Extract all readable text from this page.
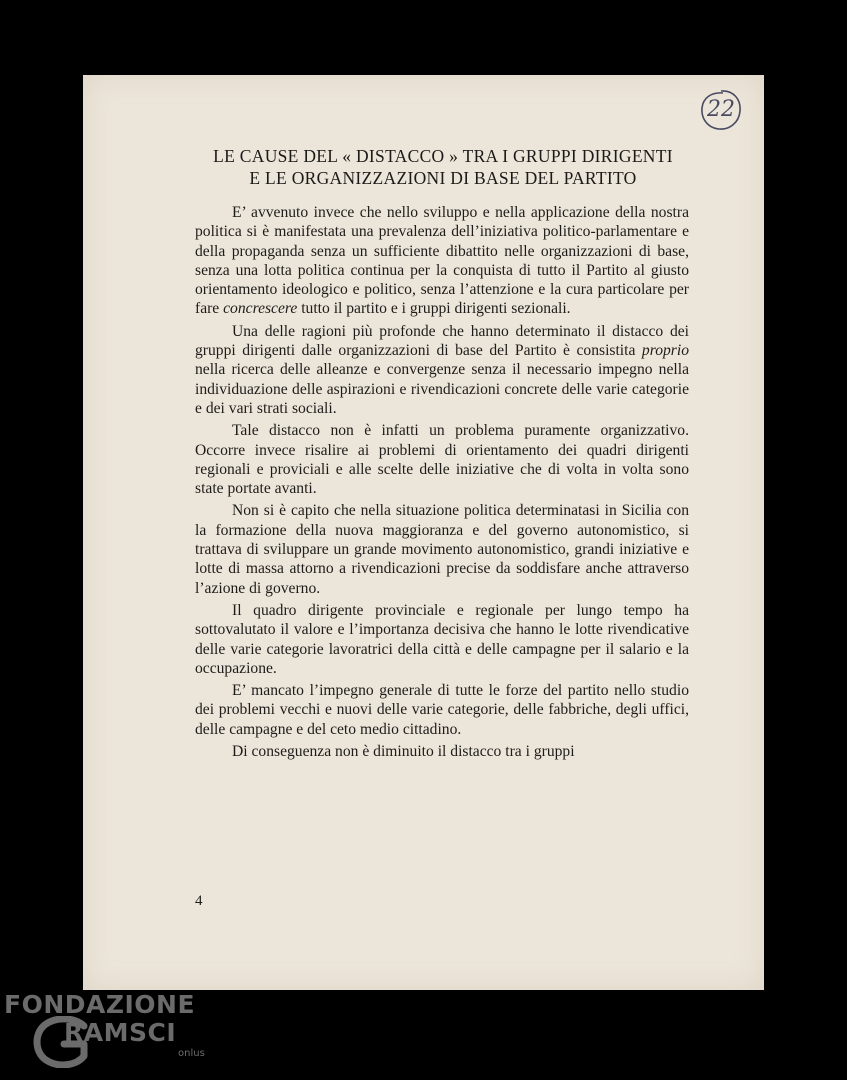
22
LE CAUSE DEL « DISTACCO » TRA I GRUPPI DIRIGENTI
E LE ORGANIZZAZIONI DI BASE DEL PARTITO

E’ avvenuto invece che nello sviluppo e nella applicazione della nostra politica si è manifestata una prevalenza dell’iniziativa politico-parlamentare e della propaganda senza un sufficiente dibattito nelle organizzazioni di base, senza una lotta politica continua per la conquista di tutto il Partito al giusto orientamento ideologico e politico, senza l’attenzione e la cura particolare per fare concrescere tutto il partito e i gruppi dirigenti sezionali.

Una delle ragioni più profonde che hanno determinato il distacco dei gruppi dirigenti dalle organizzazioni di base del Partito è consistita proprio nella ricerca delle alleanze e convergenze senza il necessario impegno nella individuazione delle aspirazioni e rivendicazioni concrete delle varie categorie e dei vari strati sociali.

Tale distacco non è infatti un problema puramente organizzativo. Occorre invece risalire ai problemi di orientamento dei quadri dirigenti regionali e proviciali e alle scelte delle iniziative che di volta in volta sono state portate avanti.

Non si è capito che nella situazione politica determinatasi in Sicilia con la formazione della nuova maggioranza e del governo autonomistico, si trattava di sviluppare un grande movimento autonomistico, grandi iniziative e lotte di massa attorno a rivendicazioni precise da soddisfare anche attraverso l’azione di governo.

Il quadro dirigente provinciale e regionale per lungo tempo ha sottovalutato il valore e l’importanza decisiva che hanno le lotte rivendicative delle varie categorie lavoratrici della città e delle campagne per il salario e la occupazione.

E’ mancato l’impegno generale di tutte le forze del partito nello studio dei problemi vecchi e nuovi delle varie categorie, delle fabbriche, degli uffici, delle campagne e del ceto medio cittadino.

Di conseguenza non è diminuito il distacco tra i gruppi

4
FONDAZIONE
RAMSCI
onlus
